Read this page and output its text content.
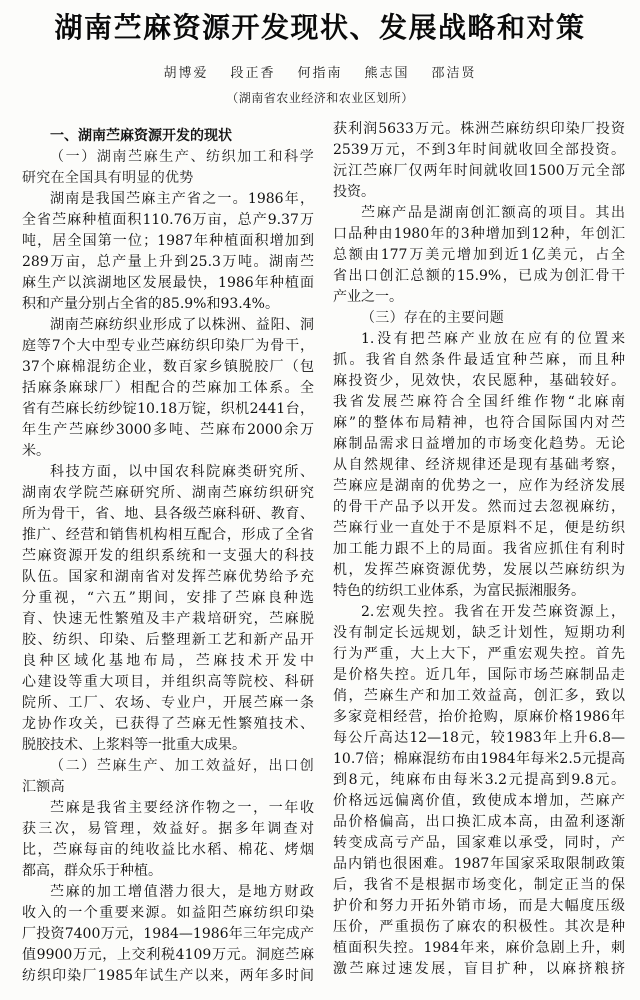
湖南苎麻资源开发现状、发展战略和对策
胡博爱 段正香 何指南 熊志国 邵洁贤
（湖南省农业经济和农业区划所）
一、湖南苎麻资源开发的现状
（一）湖南苎麻生产、纺织加工和科学
研究在全国具有明显的优势
湖南是我国苎麻主产省之一。1986年，
全省苎麻种植面积110.76万亩，总产9.37万
吨，居全国第一位；1987年种植面积增加到
289万亩，总产量上升到25.3万吨。湖南苎
麻生产以滨湖地区发展最快，1986年种植面
积和产量分别占全省的85.9%和93.4%。
湖南苎麻纺织业形成了以株洲、益阳、洞
庭等7个大中型专业苎麻纺织印染厂为骨干，
37个麻棉混纺企业，数百家乡镇脱胶厂（包
括麻条麻球厂）相配合的苎麻加工体系。全
省有苎麻长纺纱锭10.18万锭，织机2441台，
年生产苎麻纱3000多吨、苎麻布2000余万
米。
科技方面，以中国农科院麻类研究所、
湖南农学院苎麻研究所、湖南苎麻纺织研究
所为骨干，省、地、县各级苎麻科研、教育、
推广、经营和销售机构相互配合，形成了全省
苎麻资源开发的组织系统和一支强大的科技
队伍。国家和湖南省对发挥苎麻优势给予充
分重视，“六五”期间，安排了苎麻良种选
育、快速无性繁殖及丰产栽培研究，苎麻脱
胶、纺织、印染、后整理新工艺和新产品开
良种区域化基地布局，苎麻技术开发中
心建设等重大项目，并组织高等院校、科研
院所、工厂、农场、专业户，开展苎麻一条
龙协作攻关，已获得了苎麻无性繁殖技术、
脱胶技术、上浆料等一批重大成果。
（二）苎麻生产、加工效益好，出口创
汇额高
苎麻是我省主要经济作物之一，一年收
获三次，易管理，效益好。据多年调查对
比，苎麻每亩的纯收益比水稻、棉花、烤烟
都高，群众乐于种植。
苎麻的加工增值潜力很大，是地方财政
收入的一个重要来源。如益阳苎麻纺织印染
厂投资7400万元，1984—1986年三年完成产
值9900万元，上交利税4109万元。洞庭苎麻
纺织印染厂1985年试生产以来，两年多时间
获利润5633万元。株洲苎麻纺织印染厂投资
2539万元，不到3年时间就收回全部投资。
沅江苎麻厂仅两年时间就收回1500万元全部
投资。
苎麻产品是湖南创汇额高的项目。其出
口品种由1980年的3种增加到12种，年创汇
总额由177万美元增加到近1亿美元，占全
省出口创汇总额的15.9%，已成为创汇骨干
产业之一。
（三）存在的主要问题
1.没有把苎麻产业放在应有的位置来
抓。我省自然条件最适宜种苎麻，而且种
麻投资少，见效快，农民愿种，基础较好。
我省发展苎麻符合全国纤维作物“北麻南
麻”的整体布局精神，也符合国际国内对苎
麻制品需求日益增加的市场变化趋势。无论
从自然规律、经济规律还是现有基础考察，
苎麻应是湖南的优势之一，应作为经济发展
的骨干产品予以开发。然而过去忽视麻纺，
苎麻行业一直处于不是原料不足，便是纺织
加工能力跟不上的局面。我省应抓住有利时
机，发挥苎麻资源优势，发展以苎麻纺织为
特色的纺织工业体系，为富民振湘服务。
2.宏观失控。我省在开发苎麻资源上，
没有制定长远规划，缺乏计划性，短期功利
行为严重，大上大下，严重宏观失控。首先
是价格失控。近几年，国际市场苎麻制品走
俏，苎麻生产和加工效益高，创汇多，致以
多家竞相经营，抬价抢购，原麻价格1986年
每公斤高达12—18元，较1983年上升6.8—
10.7倍；棉麻混纺布由1984年每米2.5元提高
到8元，纯麻布由每米3.2元提高到9.8元。
价格远远偏离价值，致使成本增加，苎麻产
品价格偏高，出口换汇成本高，由盈利逐渐
转变成高亏产品，国家难以承受，同时，产
品内销也很困难。1987年国家采取限制政策
后，我省不是根据市场变化，制定正当的保
护价和努力开拓外销市场，而是大幅度压级
压价，严重损伤了麻农的积极性。其次是种
植面积失控。1984年来，麻价急剧上升，刺
激苎麻过速发展，盲目扩种，以麻挤粮挤
